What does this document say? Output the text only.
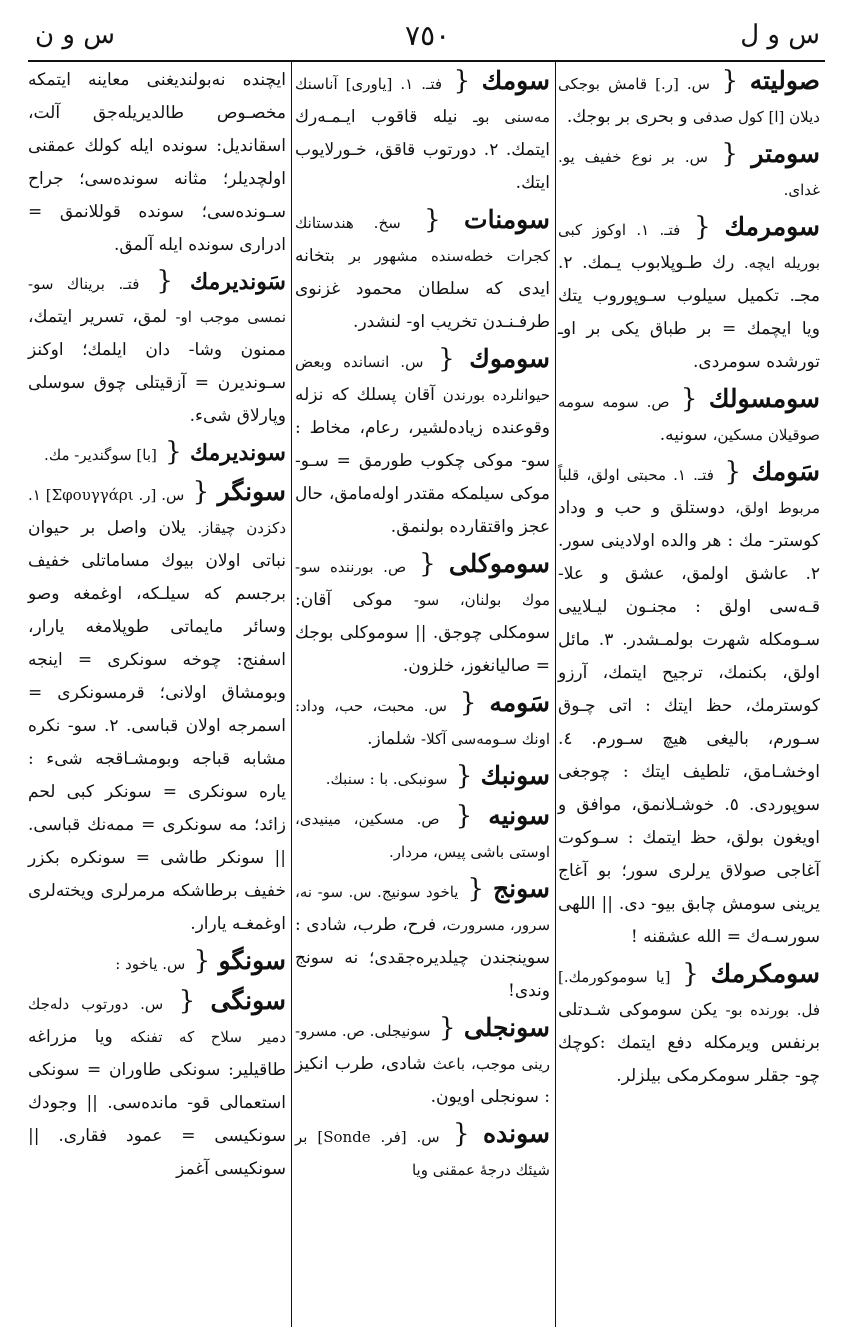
س و ل
٧٥٠
س و ن

صولیته { س. [ر.] قامش بوجکی دیلان [ا] کول صدفی و بحری بر بوجك.

سومتر { س. بر نوع خفیف یو. غدای.

سومرمك { فتـ. ١. اوکوز کبی بوریله ایچه. رك طـوپلابوب یـمك. ٢. مجـ. تکمیل سیلوب سـوپوروب یتك ویا ایچمك = بر طباق یکی بر اوـ تورشده سومردی.

سومسولك { ص. سومه سومه صوقیلان مسکین، سونیه.

سَومك { فتـ. ١. محبتی اولق، قلباً مربوط اولق، دوستلق و حب و وداد کوستر- مك : هر والده اولادینی سور. ٢. عاشق اولمق، عشق و علا- قـه‌سی اولق : مجنـون لیـلاییی سـومکله شهرت بولمـشدر. ٣. مائل اولق، بکنمك، ترجیح ایتمك، آرزو کوسترمك، حظ ایتك : اتی چـوق سـورم، بالیغی هیچ سـورم. ٤. اوخشـامق، تلطیف ایتك : چوجغی سوپوردی. ٥. خوشـلانمق، موافق و اویغون بولق، حظ ایتمك : سـوکوت آغاجی صولاق یرلری سور؛ بو آغاج یرینی سومش چابق بیو- دی. || اللهی سورسـه‌ك = الله عشقنه !

سومکرمك { [یا سوموکورمك.] فل. بورنده بو- یکن سوموکی شـدتلی برنفس ویرمکله دفع ایتمك :کوچك چو- جقلر سومکرمکی بیلزلر.

سومك { فتـ. ١. [یاوری] آناسنك مه‌سنی بوـ نیله قاقوب ایـمـه‌رك ایتمك. ٢. دورتوب قاقق، خـورلایوب ایتك.

سومنات { سخ. هندستانك کجرات خطه‌سنده مشهور بر بتخانه ایدی که سلطان محمود غزنوی طرفـنـدن تخریب او- لنشدر.

سوموك { س. انسانده وبعض حیوانلرده بورندن آقان پسلك که نزله وقوعنده زیاده‌لشیر، رعام، مخاط : سو- موکی چکوب طورمق = سـو- موکی سیلمکه مقتدر اوله‌مامق، حال عجز واقتقارده بولنمق.

سوموکلی { ص. بورننده سو- موك بولنان، سو- موکی آقان: سومکلی چوجق. || سوموکلی بوجك = صالیانغوز، خلزون.

سَومه { س. محبت، حب، وداد: اونك سـومه‌سی آکلا- شلماز.

سونبك { سونبکی. با : سنبك.

سونیه { ص. مسکین، مینیدی، اوستی باشی پیس، مردار.

سونج { یاخود سونیج. س. سو- نه، سرور، مسرورت، فرح، طرب، شادی : سوینجندن چیلدیره‌جقدی؛ نه سونج وندی!

سونجلی { سونیجلی. ص. مسرو- رینی موجب، باعث شادی، طرب انکیز : سونجلی اویون.

سونده { س. [فر. Sonde] بر شیئك درجۀ عمقنی ویا

ایچنده نه‌بولندیغنی معاینه ایتمکه مخصـوص طالدیریله‌جق آلت، اسقاندیل: سونده ایله کولك عمقنی اولچدیلر؛ مثانه سونده‌سی؛ جراح سـونده‌سی؛ سونده قوللانمق = ادراری سونده ایله آلمق.

سَوندیرمك { فتـ. بریناك سو- نمسی موجب او- لمق، تسریر ایتمك، ممنون وشا- دان ایلمك؛ اوکنز سـوندیرن = آزقیتلی چوق سوسلی وپارلاق شیء.

سوندیرمك { [با] سوگندیر- مك.

سونگر { س. [ر. Σφουγγάρι] ١. دکزدن چیقاز. یلان واصل بر حیوان نباتی اولان بیوك مساماتلی خفیف برجسم که سیلـکه، اوغمغه وصو وسائر مایماتی طوپلامغه یارار، اسفنج: چوخه سونکری = اینجه وبومشاق اولانی؛ قرمسونکری = اسمرجه اولان قباسی. ٢. سو- نکره مشابه قباجه وبومشـاقجه شیء : یاره سونکری = سونکر کبی لحم زائد؛ مه سونکری = ممه‌نك قباسی. || سونکر طاشی = سونکره بکزر خفیف برطاشکه مرمرلری ویخته‌لری اوغمغـه یارار.

سونگو { س. یاخود :

سونگی { س. دورتوب دله‌جك دمیر سلاح که تفنکه ویا مزراغه طاقیلیر: سونکی طاوران = سونکی استعمالی قو- مانده‌سی. || وجودك سونکیسی = عمود فقاری. || سونکیسی آغمز
